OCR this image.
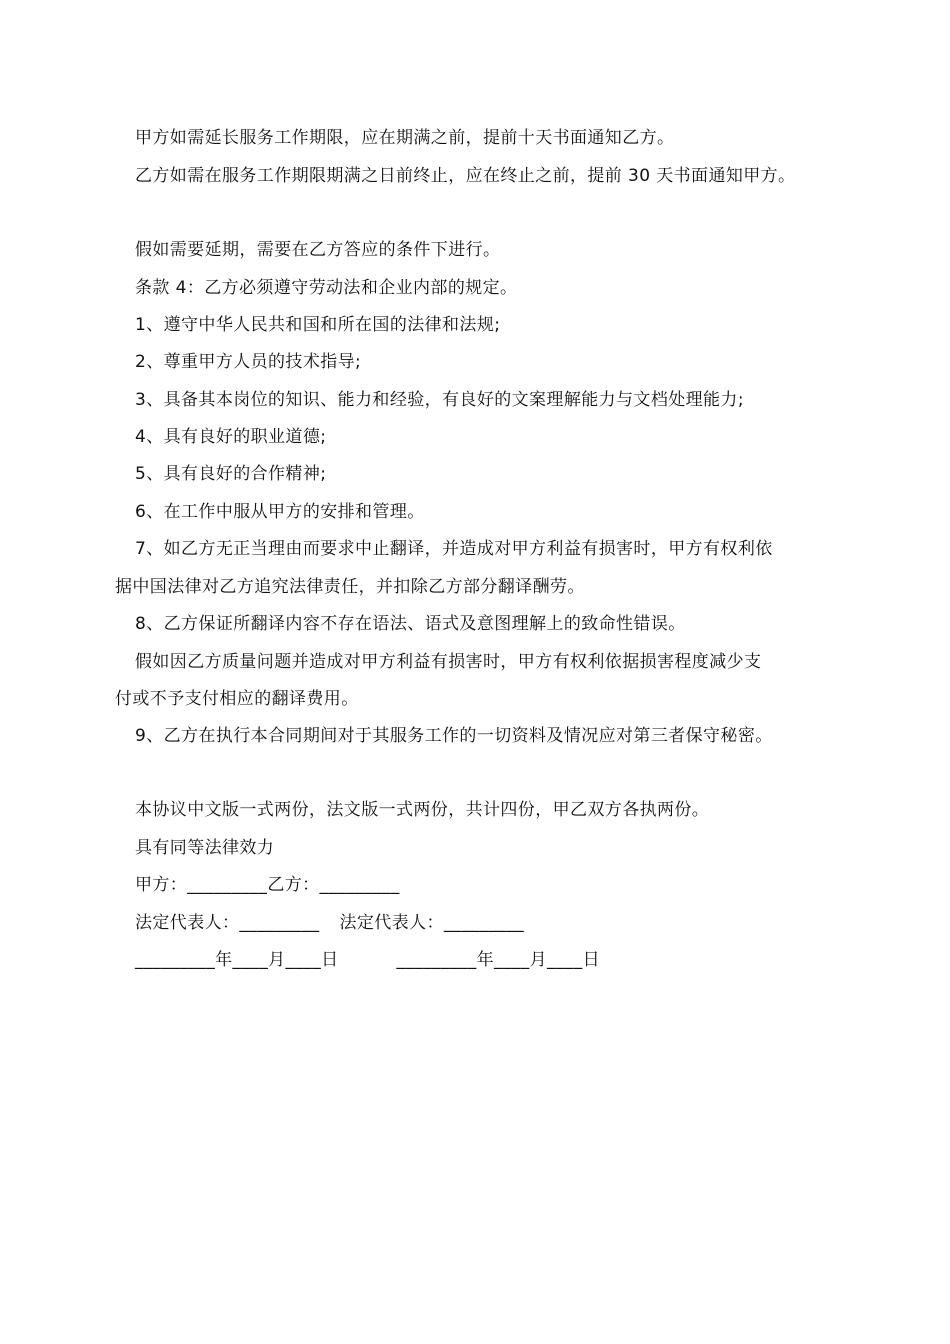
甲方如需延长服务工作期限，应在期满之前，提前十天书面通知乙方。
乙方如需在服务工作期限期满之日前终止，应在终止之前，提前 30 天书面通知甲方。
假如需要延期，需要在乙方答应的条件下进行。
条款 4：乙方必须遵守劳动法和企业内部的规定。
1、遵守中华人民共和国和所在国的法律和法规;
2、尊重甲方人员的技术指导;
3、具备其本岗位的知识、能力和经验，有良好的文案理解能力与文档处理能力;
4、具有良好的职业道德;
5、具有良好的合作精神;
6、在工作中服从甲方的安排和管理。
7、如乙方无正当理由而要求中止翻译，并造成对甲方利益有损害时，甲方有权利依
据中国法律对乙方追究法律责任，并扣除乙方部分翻译酬劳。
8、乙方保证所翻译内容不存在语法、语式及意图理解上的致命性错误。
假如因乙方质量问题并造成对甲方利益有损害时，甲方有权利依据损害程度减少支
付或不予支付相应的翻译费用。
9、乙方在执行本合同期间对于其服务工作的一切资料及情况应对第三者保守秘密。
本协议中文版一式两份，法文版一式两份，共计四份，甲乙双方各执两份。
具有同等法律效力
甲方：_________乙方：_________
法定代表人：_________ 法定代表人：_________
_________年____月____日	_________年____月____日
